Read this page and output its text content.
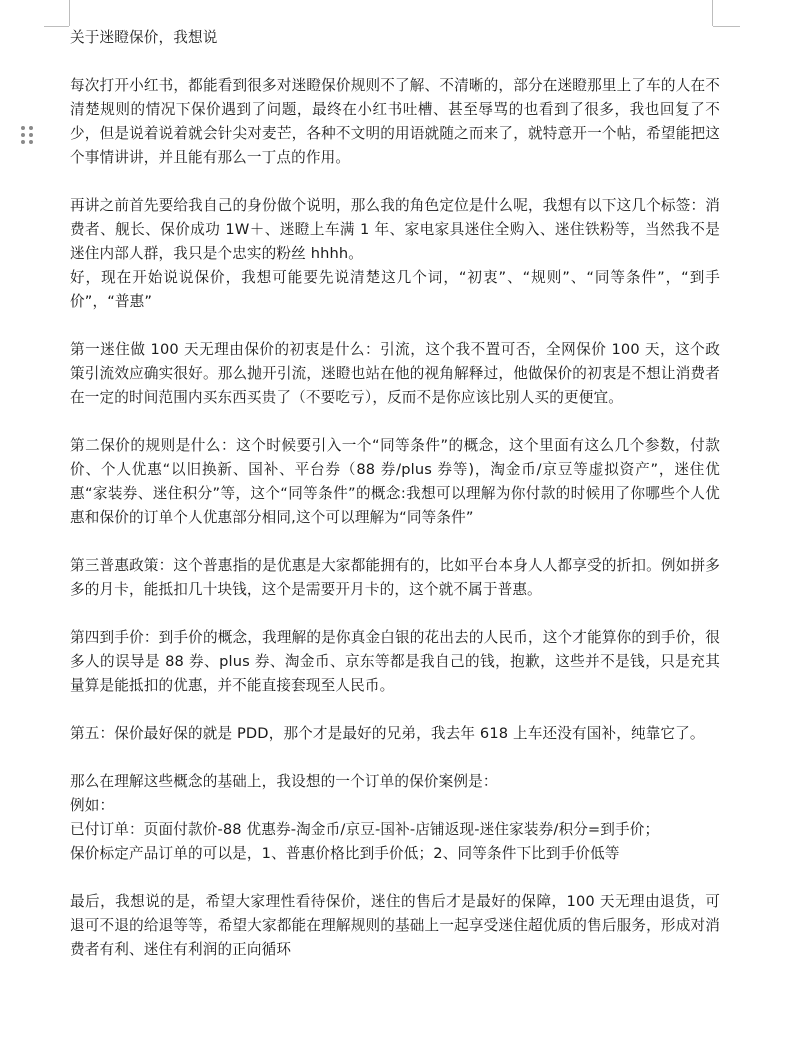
关于迷瞪保价，我想说

每次打开小红书，都能看到很多对迷瞪保价规则不了解、不清晰的，部分在迷瞪那里上了车的人在不清楚规则的情况下保价遇到了问题，最终在小红书吐槽、甚至辱骂的也看到了很多，我也回复了不少，但是说着说着就会针尖对麦芒，各种不文明的用语就随之而来了，就特意开一个帖，希望能把这个事情讲讲，并且能有那么一丁点的作用。

再讲之前首先要给我自己的身份做个说明，那么我的角色定位是什么呢，我想有以下这几个标签：消费者、舰长、保价成功 1W＋、迷瞪上车满 1 年、家电家具迷住全购入、迷住铁粉等，当然我不是迷住内部人群，我只是个忠实的粉丝 hhhh。

好，现在开始说说保价，我想可能要先说清楚这几个词，“初衷”、“规则”、“同等条件”，“到手价”，“普惠”

第一迷住做 100 天无理由保价的初衷是什么：引流，这个我不置可否，全网保价 100 天，这个政策引流效应确实很好。那么抛开引流，迷瞪也站在他的视角解释过，他做保价的初衷是不想让消费者在一定的时间范围内买东西买贵了（不要吃亏），反而不是你应该比别人买的更便宜。

第二保价的规则是什么：这个时候要引入一个“同等条件”的概念，这个里面有这么几个参数，付款价、个人优惠“以旧换新、国补、平台券（88 券/plus 券等)，淘金币/京豆等虚拟资产”，迷住优惠“家装券、迷住积分”等，这个“同等条件”的概念:我想可以理解为你付款的时候用了你哪些个人优惠和保价的订单个人优惠部分相同,这个可以理解为“同等条件”

第三普惠政策：这个普惠指的是优惠是大家都能拥有的，比如平台本身人人都享受的折扣。例如拼多多的月卡，能抵扣几十块钱，这个是需要开月卡的，这个就不属于普惠。

第四到手价：到手价的概念，我理解的是你真金白银的花出去的人民币，这个才能算你的到手价，很多人的误导是 88 券、plus 券、淘金币、京东等都是我自己的钱，抱歉，这些并不是钱，只是充其量算是能抵扣的优惠，并不能直接套现至人民币。

第五：保价最好保的就是 PDD，那个才是最好的兄弟，我去年 618 上车还没有国补，纯靠它了。

那么在理解这些概念的基础上，我设想的一个订单的保价案例是：

例如：

已付订单：页面付款价-88 优惠券-淘金币/京豆-国补-店铺返现-迷住家装券/积分=到手价；

保价标定产品订单的可以是，1、普惠价格比到手价低；2、同等条件下比到手价低等

最后，我想说的是，希望大家理性看待保价，迷住的售后才是最好的保障，100 天无理由退货，可退可不退的给退等等，希望大家都能在理解规则的基础上一起享受迷住超优质的售后服务，形成对消费者有利、迷住有利润的正向循环
